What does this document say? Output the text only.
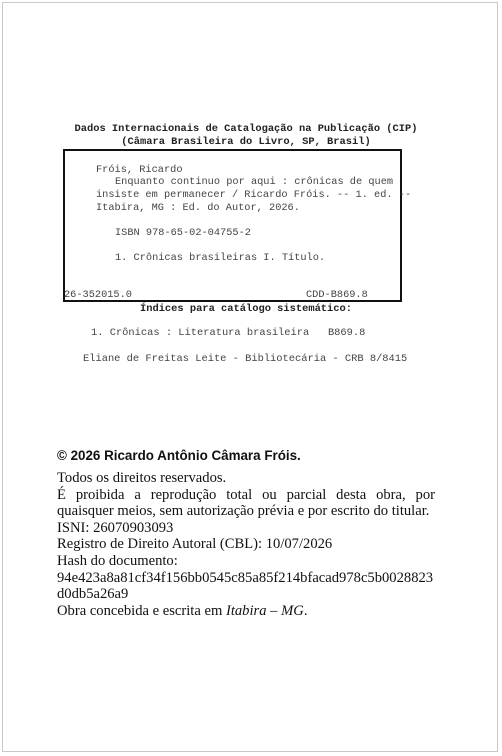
Dados Internacionais de Catalogação na Publicação (CIP)
(Câmara Brasileira do Livro, SP, Brasil)
Fróis, Ricardo
Enquanto continuo por aqui : crônicas de quem
insiste em permanecer / Ricardo Fróis. -- 1. ed. --
Itabira, MG : Ed. do Autor, 2026.
ISBN 978-65-02-04755-2
1. Crônicas brasileiras I. Título.
26-352015.0	CDD-B869.8
Índices para catálogo sistemático:
1. Crônicas : Literatura brasileira   B869.8
Eliane de Freitas Leite - Bibliotecária - CRB 8/8415
© 2026 Ricardo Antônio Câmara Fróis.

Todos os direitos reservados.

É proibida a reprodução total ou parcial desta obra, por quaisquer meios, sem autorização prévia e por escrito do titular.

ISNI: 26070903093

Registro de Direito Autoral (CBL): 10/07/2026

Hash do documento:

94e423a8a81cf34f156bb0545c85a85f214bfacad978c5b0028823d0db5a26a9

Obra concebida e escrita em Itabira – MG.
